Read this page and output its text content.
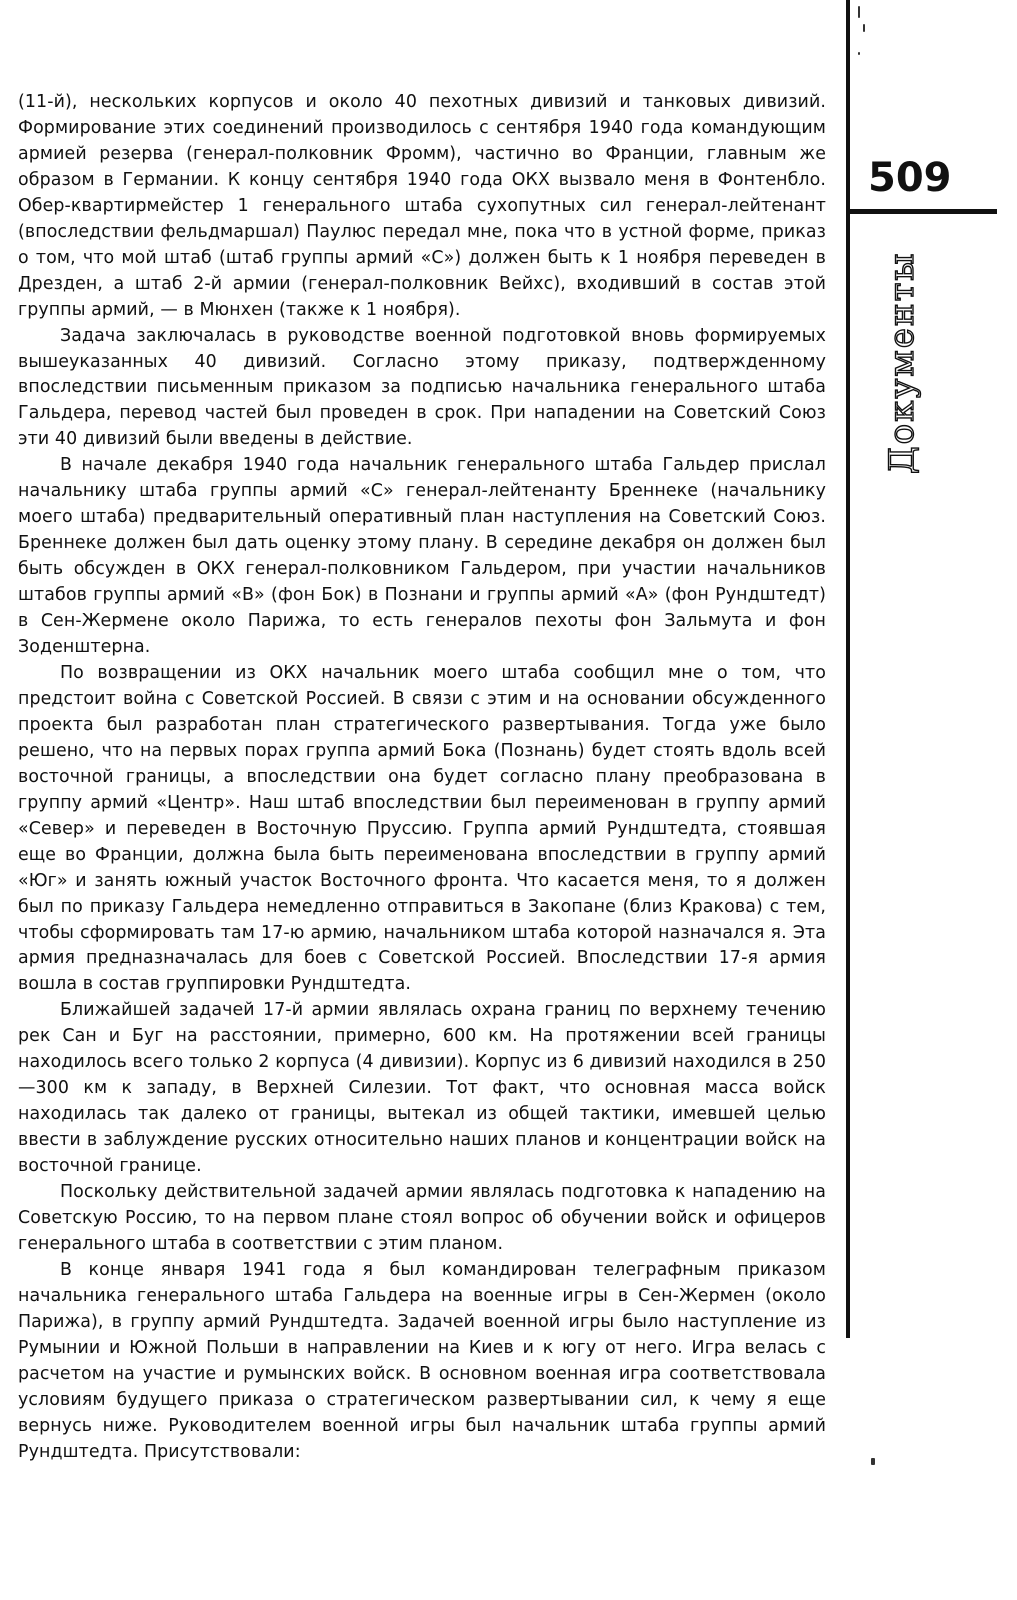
(11-й), нескольких корпусов и около 40 пехотных дивизий и танковых дивизий. Формирование этих соединений производилось с сентября 1940 года командующим армией резерва (генерал-полковник Фромм), частично во Франции, главным же образом в Германии. К концу сентября 1940 года ОКХ вызвало меня в Фонтенбло. Обер-квартирмейстер 1 генерального штаба сухопутных сил генерал-лейтенант (впоследствии фельдмаршал) Паулюс передал мне, пока что в устной форме, приказ о том, что мой штаб (штаб группы армий «С») должен быть к 1 ноября переведен в Дрезден, а штаб 2-й армии (генерал-полковник Вейхс), входивший в состав этой группы армий, — в Мюнхен (также к 1 ноября).

Задача заключалась в руководстве военной подготовкой вновь формируемых вышеуказанных 40 дивизий. Согласно этому приказу, подтвержденному впоследствии письменным приказом за подписью начальника генерального штаба Гальдера, перевод частей был проведен в срок. При нападении на Советский Союз эти 40 дивизий были введены в действие.

В начале декабря 1940 года начальник генерального штаба Гальдер прислал начальнику штаба группы армий «С» генерал-лейтенанту Бреннеке (начальнику моего штаба) предварительный оперативный план наступления на Советский Союз. Бреннеке должен был дать оценку этому плану. В середине декабря он должен был быть обсужден в ОКХ генерал-полковником Гальдером, при участии начальников штабов группы армий «В» (фон Бок) в Познани и группы армий «А» (фон Рундштедт) в Сен-Жермене около Парижа, то есть генералов пехоты фон Зальмута и фон Зоденштерна.

По возвращении из ОКХ начальник моего штаба сообщил мне о том, что предстоит война с Советской Россией. В связи с этим и на основании обсужденного проекта был разработан план стратегического развертывания. Тогда уже было решено, что на первых порах группа армий Бока (Познань) будет стоять вдоль всей восточной границы, а впоследствии она будет согласно плану преобразована в группу армий «Центр». Наш штаб впоследствии был переименован в группу армий «Север» и переведен в Восточную Пруссию. Группа армий Рундштедта, стоявшая еще во Франции, должна была быть переименована впоследствии в группу армий «Юг» и занять южный участок Восточного фронта. Что касается меня, то я должен был по приказу Гальдера немедленно отправиться в Закопане (близ Кракова) с тем, чтобы сформировать там 17-ю армию, начальником штаба которой назначался я. Эта армия предназначалась для боев с Советской Россией. Впоследствии 17-я армия вошла в состав группировки Рундштедта.

Ближайшей задачей 17-й армии являлась охрана границ по верхнему течению рек Сан и Буг на расстоянии, примерно, 600 км. На протяжении всей границы находилось всего только 2 корпуса (4 дивизии). Корпус из 6 дивизий находился в 250—300 км к западу, в Верхней Силезии. Тот факт, что основная масса войск находилась так далеко от границы, вытекал из общей тактики, имевшей целью ввести в заблуждение русских относительно наших планов и концентрации войск на восточной границе.

Поскольку действительной задачей армии являлась подготовка к нападению на Советскую Россию, то на первом плане стоял вопрос об обучении войск и офицеров генерального штаба в соответствии с этим планом.

В конце января 1941 года я был командирован телеграфным приказом начальника генерального штаба Гальдера на военные игры в Сен-Жермен (около Парижа), в группу армий Рундштедта. Задачей военной игры было наступление из Румынии и Южной Польши в направлении на Киев и к югу от него. Игра велась с расчетом на участие и румынских войск. В основном военная игра соответствовала условиям будущего приказа о стратегическом развертывании сил, к чему я еще вернусь ниже. Руководителем военной игры был начальник штаба группы армий Рундштедта. Присутствовали:

509
Документы
